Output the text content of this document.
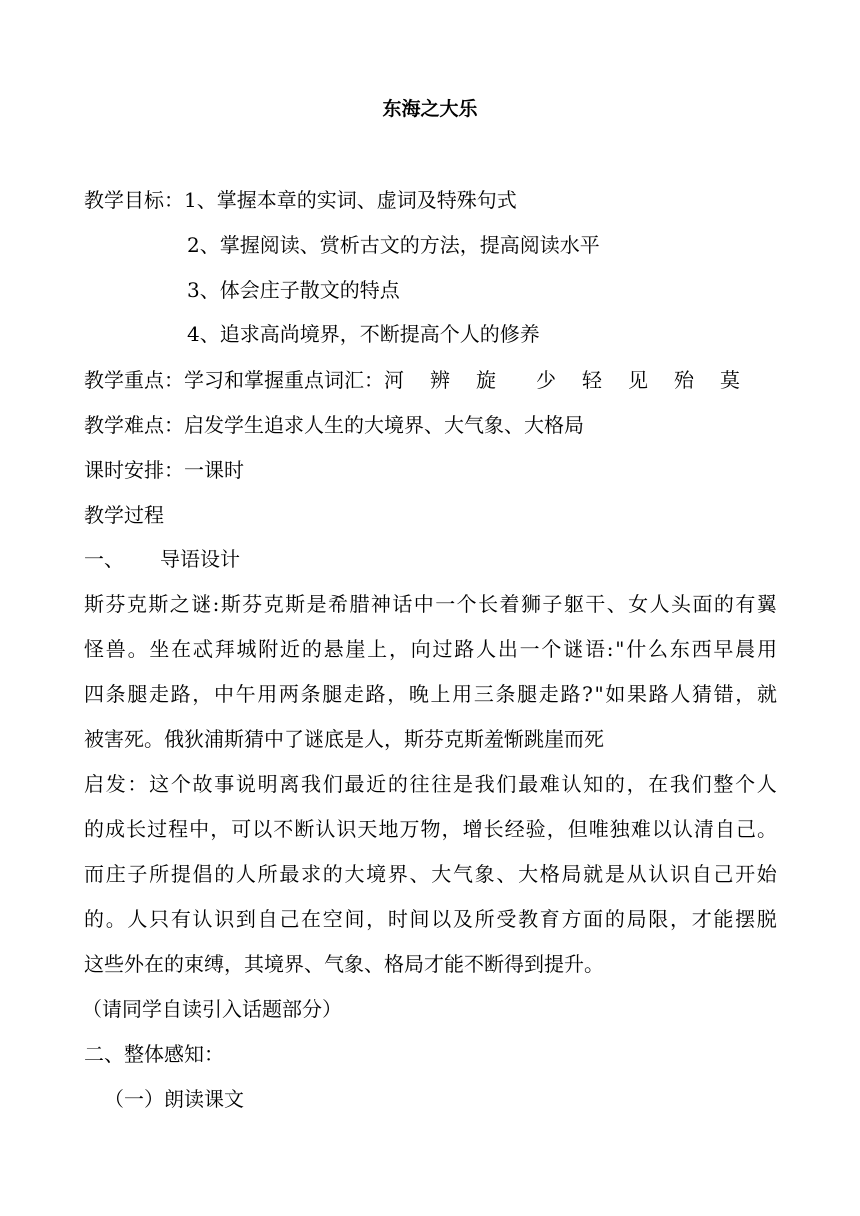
东海之大乐
教学目标：1、掌握本章的实词、虚词及特殊句式
2、掌握阅读、赏析古文的方法，提高阅读水平
3、体会庄子散文的特点
4、追求高尚境界，不断提高个人的修养
教学重点：学习和掌握重点词汇：河 辨 旋 少 轻 见 殆 莫
教学难点：启发学生追求人生的大境界、大气象、大格局
课时安排：一课时
教学过程
一、 导语设计
斯 芬 克 斯 之 谜 : 斯 芬 克 斯 是 希 腊 神 话 中 一 个 长 着 狮 子 躯 干 、 女 人 头 面 的 有 翼
怪 兽 。 坐 在 忒 拜 城 附 近 的 悬 崖 上 ， 向 过 路 人 出 一 个 谜 语 : " 什 么 东 西 早 晨 用
四 条 腿 走 路 ， 中 午 用 两 条 腿 走 路 ， 晚 上 用 三 条 腿 走 路 ? " 如 果 路 人 猜 错 ， 就
被害死。俄狄浦斯猜中了谜底是人，斯芬克斯羞惭跳崖而死
启 发 ： 这 个 故 事 说 明 离 我 们 最 近 的 往 往 是 我 们 最 难 认 知 的 ， 在 我 们 整 个 人
的 成 长 过 程 中 ， 可 以 不 断 认 识 天 地 万 物 ， 增 长 经 验 ， 但 唯 独 难 以 认 清 自 己 。
而 庄 子 所 提 倡 的 人 所 最 求 的 大 境 界 、 大 气 象 、 大 格 局 就 是 从 认 识 自 己 开 始
的 。 人 只 有 认 识 到 自 己 在 空 间 ， 时 间 以 及 所 受 教 育 方 面 的 局 限 ， 才 能 摆 脱
这些外在的束缚，其境界、气象、格局才能不断得到提升。
（请同学自读引入话题部分）
二、整体感知：
（一）朗读课文
